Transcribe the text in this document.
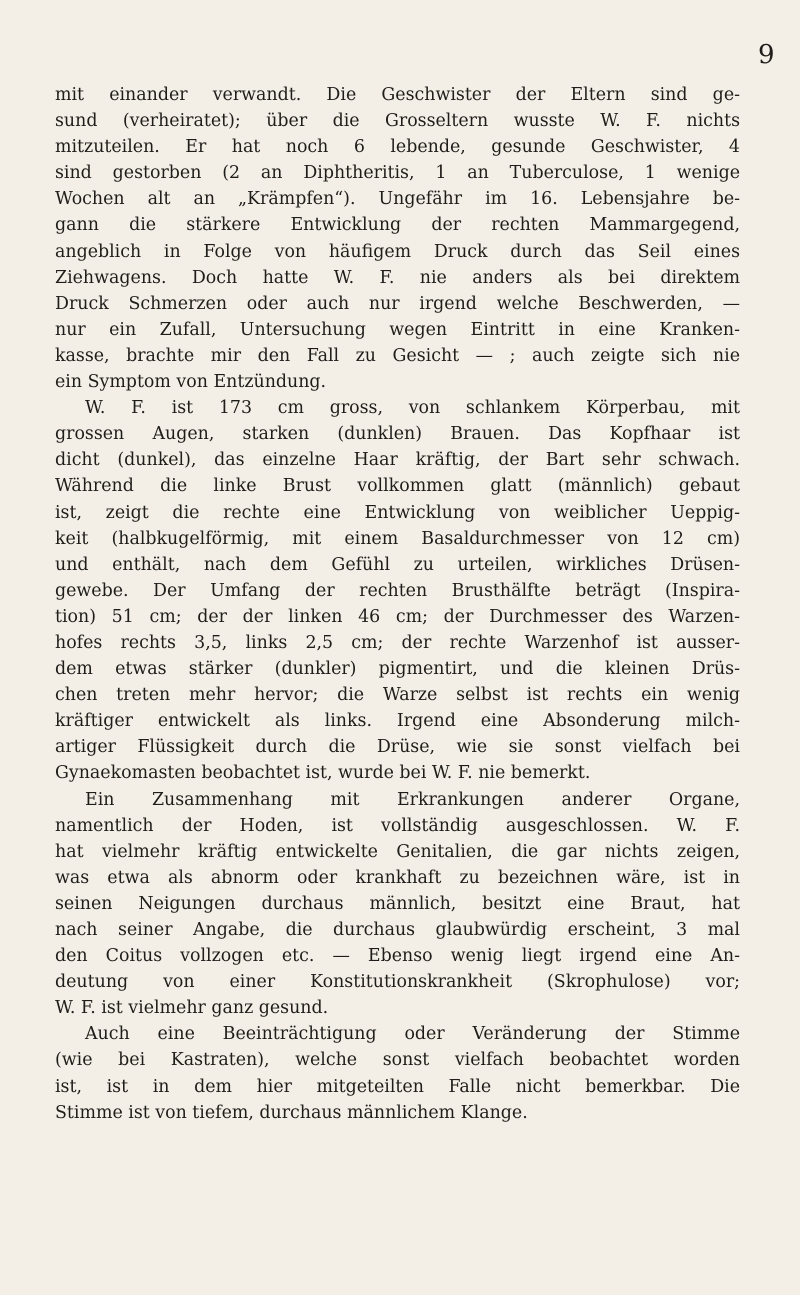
9
mit einander verwandt. Die Geschwister der Eltern sind ge-
sund (verheiratet); über die Grosseltern wusste W. F. nichts
mitzuteilen. Er hat noch 6 lebende, gesunde Geschwister, 4
sind gestorben (2 an Diphtheritis, 1 an Tuberculose, 1 wenige
Wochen alt an „Krämpfen“). Ungefähr im 16. Lebensjahre be-
gann die stärkere Entwicklung der rechten Mammargegend,
angeblich in Folge von häufigem Druck durch das Seil eines
Ziehwagens. Doch hatte W. F. nie anders als bei direktem
Druck Schmerzen oder auch nur irgend welche Beschwerden, —
nur ein Zufall, Untersuchung wegen Eintritt in eine Kranken-
kasse, brachte mir den Fall zu Gesicht — ; auch zeigte sich nie
ein Symptom von Entzündung.
W. F. ist 173 cm gross, von schlankem Körperbau, mit
grossen Augen, starken (dunklen) Brauen. Das Kopfhaar ist
dicht (dunkel), das einzelne Haar kräftig, der Bart sehr schwach.
Während die linke Brust vollkommen glatt (männlich) gebaut
ist, zeigt die rechte eine Entwicklung von weiblicher Ueppig-
keit (halbkugelförmig, mit einem Basaldurchmesser von 12 cm)
und enthält, nach dem Gefühl zu urteilen, wirkliches Drüsen-
gewebe. Der Umfang der rechten Brusthälfte beträgt (Inspira-
tion) 51 cm; der der linken 46 cm; der Durchmesser des Warzen-
hofes rechts 3,5, links 2,5 cm; der rechte Warzenhof ist ausser-
dem etwas stärker (dunkler) pigmentirt, und die kleinen Drüs-
chen treten mehr hervor; die Warze selbst ist rechts ein wenig
kräftiger entwickelt als links. Irgend eine Absonderung milch-
artiger Flüssigkeit durch die Drüse, wie sie sonst vielfach bei
Gynaekomasten beobachtet ist, wurde bei W. F. nie bemerkt.
Ein Zusammenhang mit Erkrankungen anderer Organe,
namentlich der Hoden, ist vollständig ausgeschlossen. W. F.
hat vielmehr kräftig entwickelte Genitalien, die gar nichts zeigen,
was etwa als abnorm oder krankhaft zu bezeichnen wäre, ist in
seinen Neigungen durchaus männlich, besitzt eine Braut, hat
nach seiner Angabe, die durchaus glaubwürdig erscheint, 3 mal
den Coitus vollzogen etc. — Ebenso wenig liegt irgend eine An-
deutung von einer Konstitutionskrankheit (Skrophulose) vor;
W. F. ist vielmehr ganz gesund.
Auch eine Beeinträchtigung oder Veränderung der Stimme
(wie bei Kastraten), welche sonst vielfach beobachtet worden
ist, ist in dem hier mitgeteilten Falle nicht bemerkbar. Die
Stimme ist von tiefem, durchaus männlichem Klange.
